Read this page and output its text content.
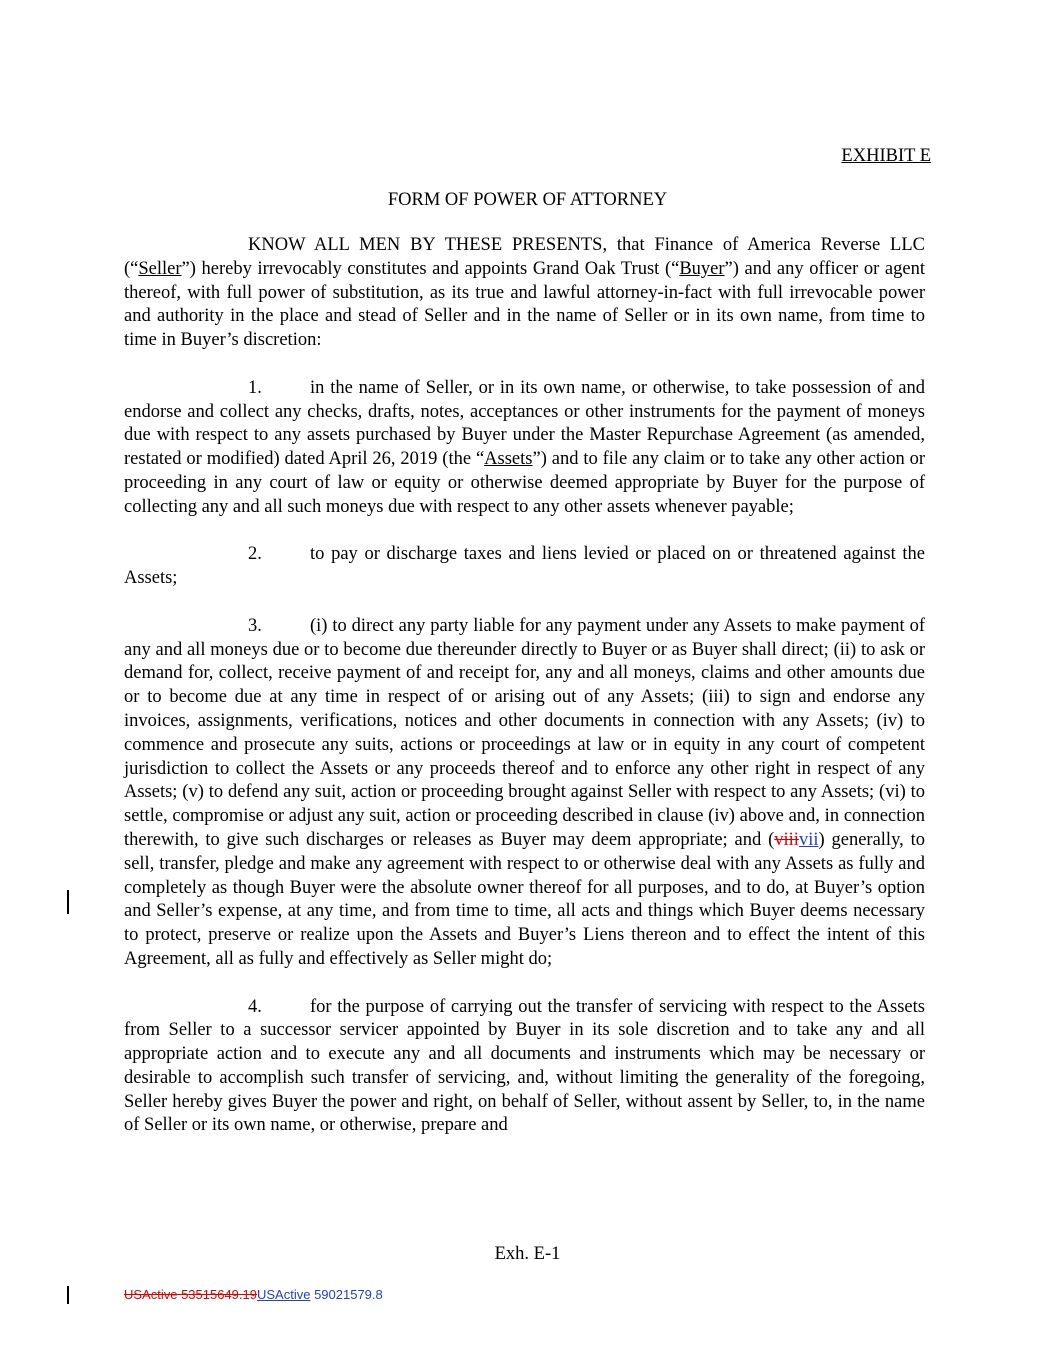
EXHIBIT E
FORM OF POWER OF ATTORNEY

KNOW ALL MEN BY THESE PRESENTS, that Finance of America Reverse LLC (“Seller”) hereby irrevocably constitutes and appoints Grand Oak Trust (“Buyer”) and any officer or agent thereof, with full power of substitution, as its true and lawful attorney-in-fact with full irrevocable power and authority in the place and stead of Seller and in the name of Seller or in its own name, from time to time in Buyer’s discretion:

1.	in the name of Seller, or in its own name, or otherwise, to take possession of and endorse and collect any checks, drafts, notes, acceptances or other instruments for the payment of moneys due with respect to any assets purchased by Buyer under the Master Repurchase Agreement (as amended, restated or modified) dated April 26, 2019 (the “Assets”) and to file any claim or to take any other action or proceeding in any court of law or equity or otherwise deemed appropriate by Buyer for the purpose of collecting any and all such moneys due with respect to any other assets whenever payable;

2.	to pay or discharge taxes and liens levied or placed on or threatened against the Assets;

3.	(i) to direct any party liable for any payment under any Assets to make payment of any and all moneys due or to become due thereunder directly to Buyer or as Buyer shall direct; (ii) to ask or demand for, collect, receive payment of and receipt for, any and all moneys, claims and other amounts due or to become due at any time in respect of or arising out of any Assets; (iii) to sign and endorse any invoices, assignments, verifications, notices and other documents in connection with any Assets; (iv) to commence and prosecute any suits, actions or proceedings at law or in equity in any court of competent jurisdiction to collect the Assets or any proceeds thereof and to enforce any other right in respect of any Assets; (v) to defend any suit, action or proceeding brought against Seller with respect to any Assets; (vi) to settle, compromise or adjust any suit, action or proceeding described in clause (iv) above and, in connection therewith, to give such discharges or releases as Buyer may deem appropriate; and (viiivii) generally, to sell, transfer, pledge and make any agreement with respect to or otherwise deal with any Assets as fully and completely as though Buyer were the absolute owner thereof for all purposes, and to do, at Buyer’s option and Seller’s expense, at any time, and from time to time, all acts and things which Buyer deems necessary to protect, preserve or realize upon the Assets and Buyer’s Liens thereon and to effect the intent of this Agreement, all as fully and effectively as Seller might do;

4.	for the purpose of carrying out the transfer of servicing with respect to the Assets from Seller to a successor servicer appointed by Buyer in its sole discretion and to take any and all appropriate action and to execute any and all documents and instruments which may be necessary or desirable to accomplish such transfer of servicing, and, without limiting the generality of the foregoing, Seller hereby gives Buyer the power and right, on behalf of Seller, without assent by Seller, to, in the name of Seller or its own name, or otherwise, prepare and

Exh. E-1
USActive 53515649.19USActive 59021579.8
